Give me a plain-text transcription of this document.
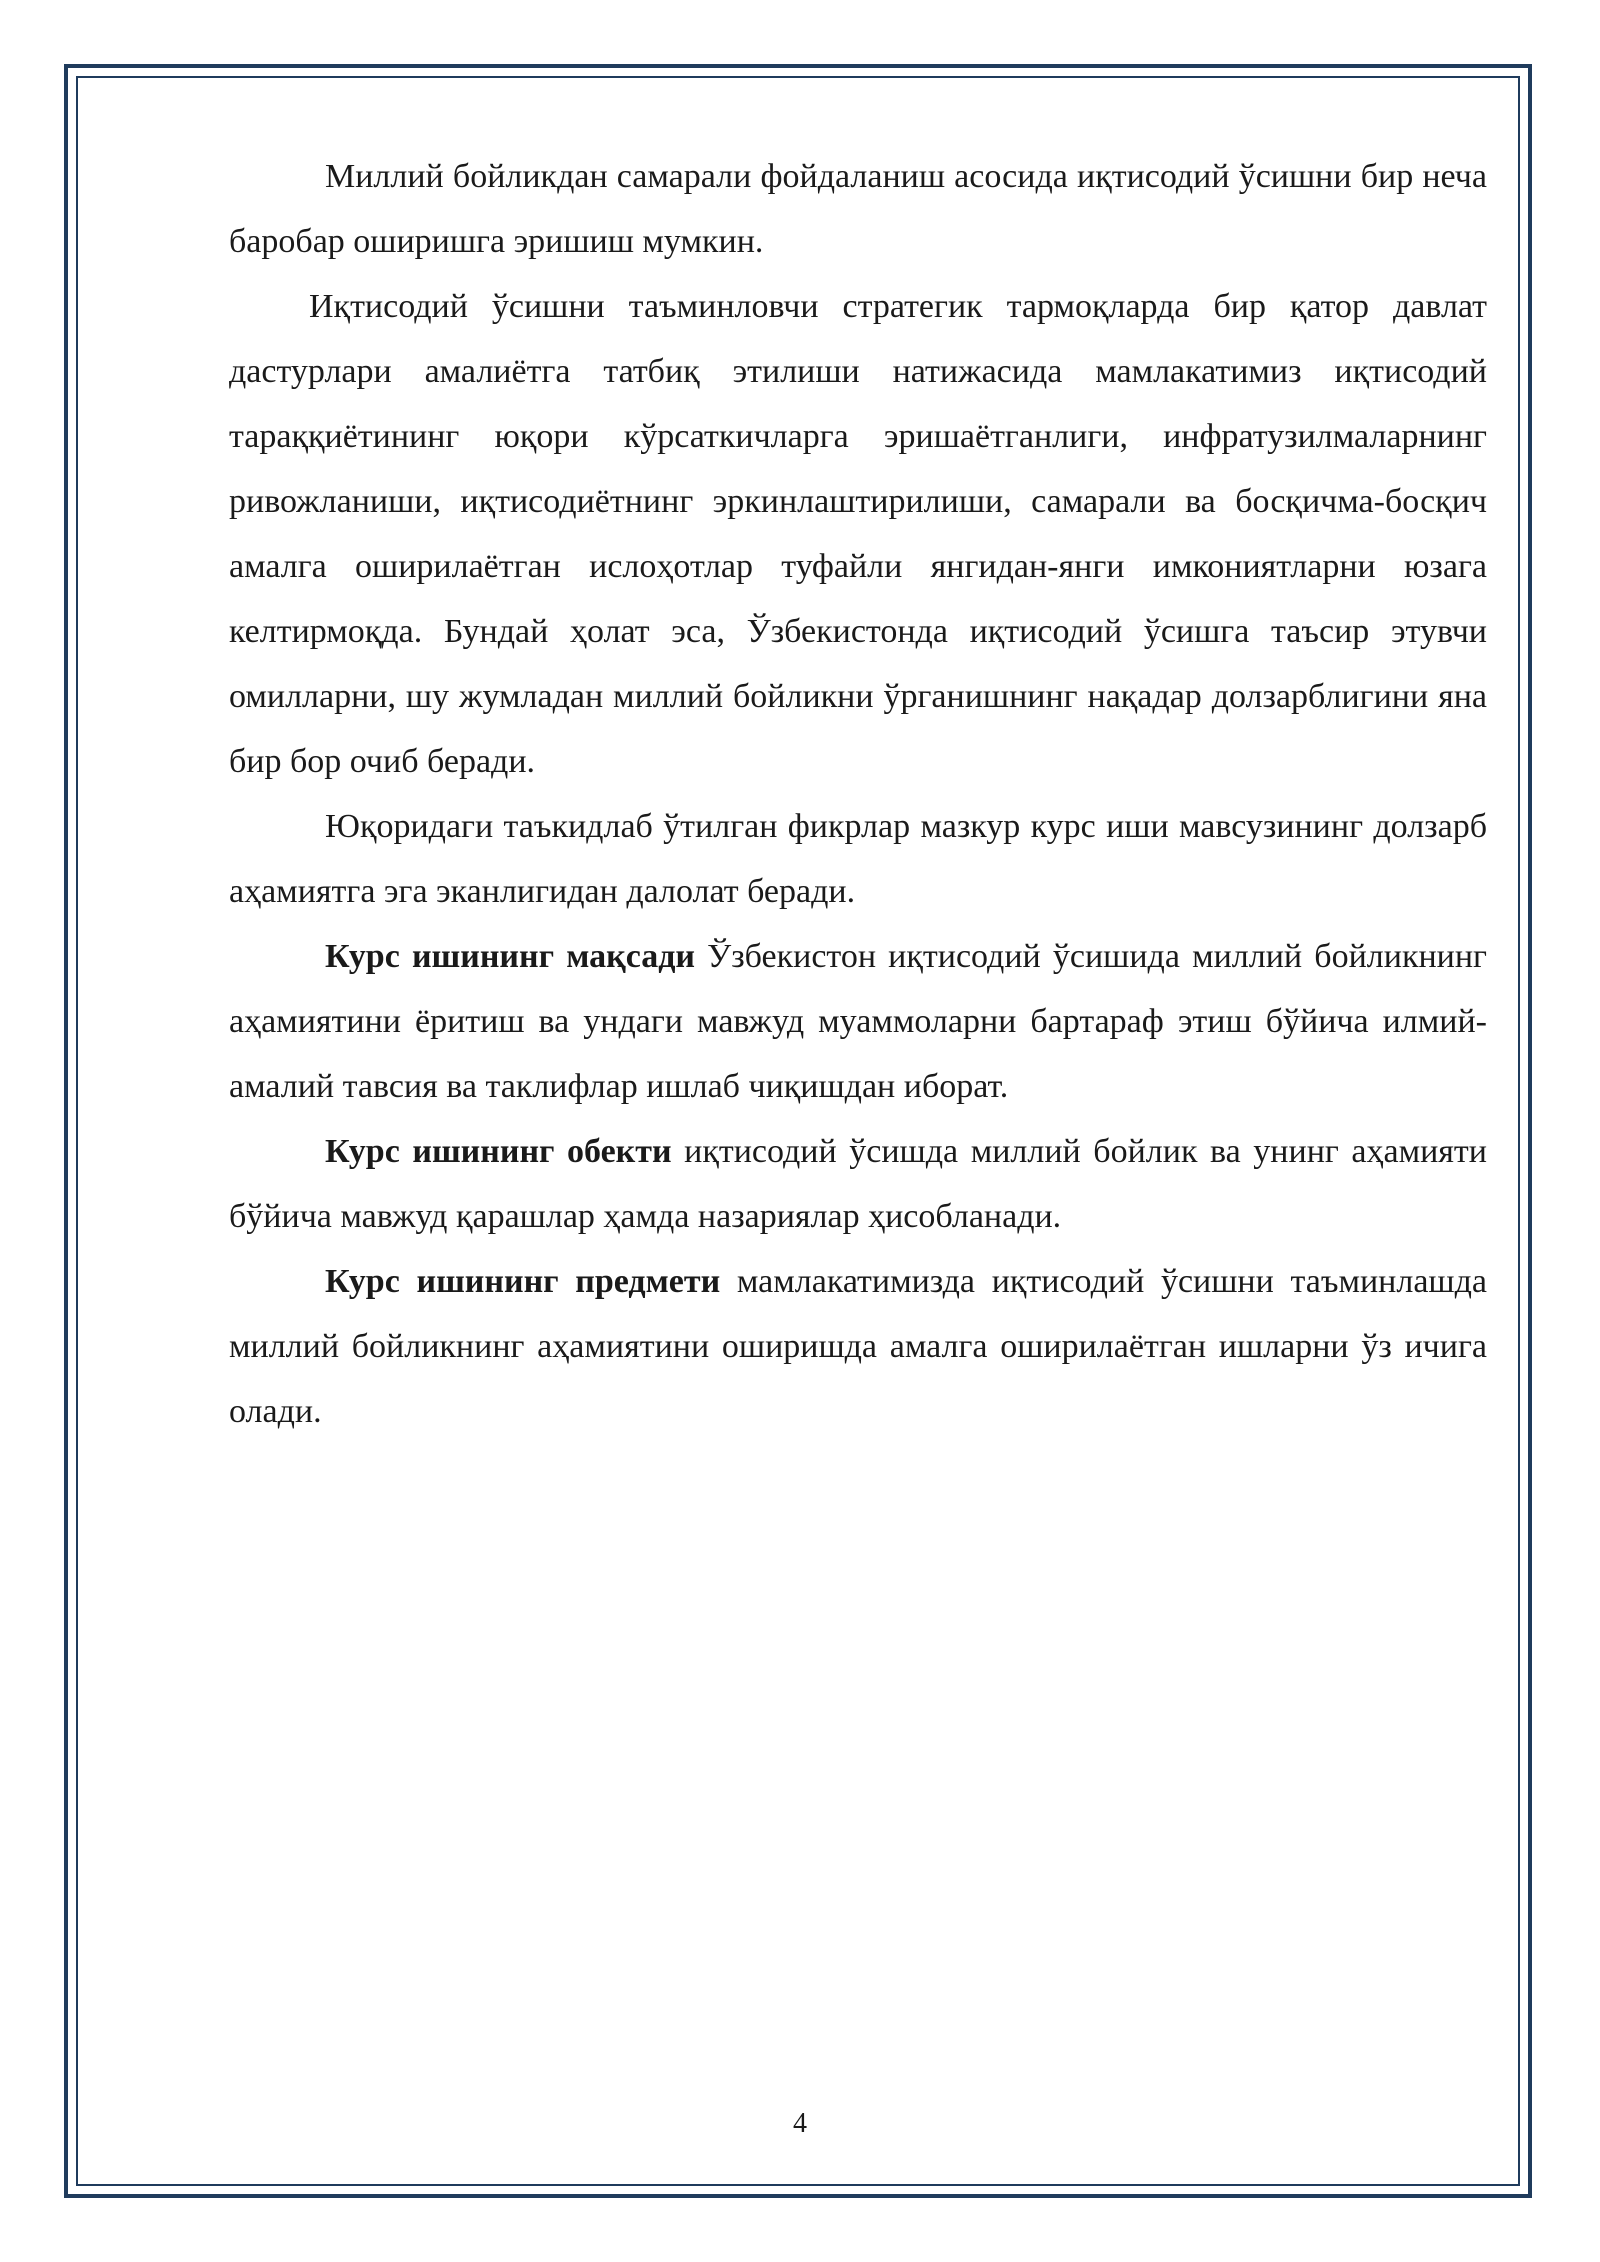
Миллий бойликдан самарали фойдаланиш асосида иқтисодий ўсишни бир неча баробар оширишга эришиш мумкин.

Иқтисодий ўсишни таъминловчи стратегик тармоқларда бир қатор давлат дастурлари амалиётга татбиқ этилиши натижасида мамлакатимиз иқтисодий тараққиётининг юқори кўрсаткичларга эришаётганлиги, инфратузилмаларнинг ривожланиши, иқтисодиётнинг эркинлаштирилиши, самарали ва босқичма-босқич амалга оширилаётган ислоҳотлар туфайли янгидан-янги имкониятларни юзага келтирмоқда. Бундай ҳолат эса, Ўзбекистонда иқтисодий ўсишга таъсир этувчи омилларни, шу жумладан миллий бойликни ўрганишнинг нақадар долзарблигини яна бир бор очиб беради.

Юқоридаги таъкидлаб ўтилган фикрлар мазкур курс иши мавсузининг долзарб аҳамиятга эга эканлигидан далолат беради.

Курс ишининг мақсади Ўзбекистон иқтисодий ўсишида миллий бойликнинг аҳамиятини ёритиш ва ундаги мавжуд муаммоларни бартараф этиш бўйича илмий-амалий тавсия ва таклифлар ишлаб чиқишдан иборат.

Курс ишининг обекти иқтисодий ўсишда миллий бойлик ва унинг аҳамияти бўйича мавжуд қарашлар ҳамда назариялар ҳисобланади.

Курс ишининг предмети мамлакатимизда иқтисодий ўсишни таъминлашда миллий бойликнинг аҳамиятини оширишда амалга оширилаётган ишларни ўз ичига олади.

4
